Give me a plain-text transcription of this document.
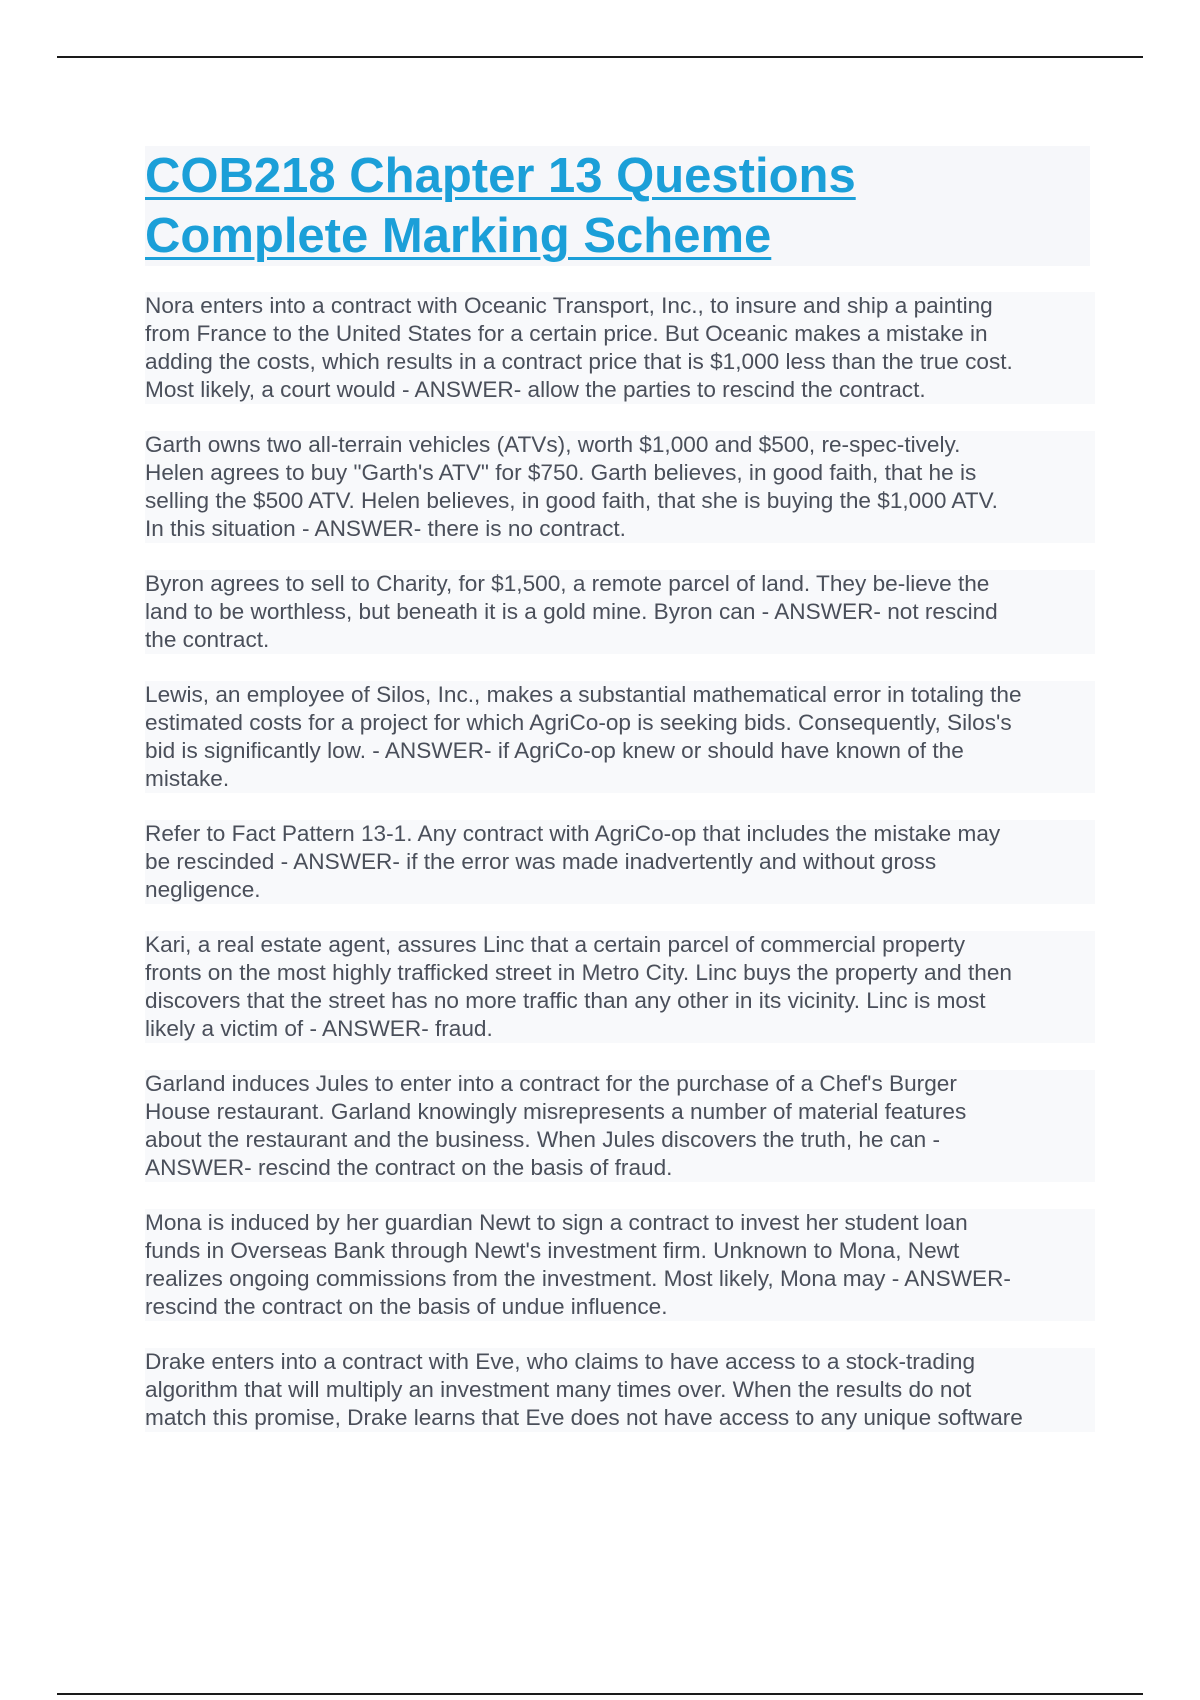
COB218 Chapter 13 Questions
Complete Marking Scheme

Nora enters into a contract with Oceanic Transport, Inc., to insure and ship a painting
from France to the United States for a certain price. But Oceanic makes a mistake in
adding the costs, which results in a contract price that is $1,000 less than the true cost.
Most likely, a court would - ANSWER- allow the parties to rescind the contract.

Garth owns two all-terrain vehicles (ATVs), worth $1,000 and $500, re-spec-tively.
Helen agrees to buy "Garth's ATV" for $750. Garth believes, in good faith, that he is
selling the $500 ATV. Helen believes, in good faith, that she is buying the $1,000 ATV.
In this situation - ANSWER- there is no contract.

Byron agrees to sell to Charity, for $1,500, a remote parcel of land. They be-lieve the
land to be worthless, but beneath it is a gold mine. Byron can - ANSWER- not rescind
the contract.

Lewis, an employee of Silos, Inc., makes a substantial mathematical error in totaling the
estimated costs for a project for which AgriCo-op is seeking bids. Consequently, Silos's
bid is significantly low. - ANSWER- if AgriCo-op knew or should have known of the
mistake.

Refer to Fact Pattern 13-1. Any contract with AgriCo-op that includes the mistake may
be rescinded - ANSWER- if the error was made inadvertently and without gross
negligence.

Kari, a real estate agent, assures Linc that a certain parcel of commercial property
fronts on the most highly trafficked street in Metro City. Linc buys the property and then
discovers that the street has no more traffic than any other in its vicinity. Linc is most
likely a victim of - ANSWER- fraud.

Garland induces Jules to enter into a contract for the purchase of a Chef's Burger
House restaurant. Garland knowingly misrepresents a number of material features
about the restaurant and the business. When Jules discovers the truth, he can -
ANSWER- rescind the contract on the basis of fraud.

Mona is induced by her guardian Newt to sign a contract to invest her student loan
funds in Overseas Bank through Newt's investment firm. Unknown to Mona, Newt
realizes ongoing commissions from the investment. Most likely, Mona may - ANSWER-
rescind the contract on the basis of undue influence.

Drake enters into a contract with Eve, who claims to have access to a stock-trading
algorithm that will multiply an investment many times over. When the results do not
match this promise, Drake learns that Eve does not have access to any unique software
